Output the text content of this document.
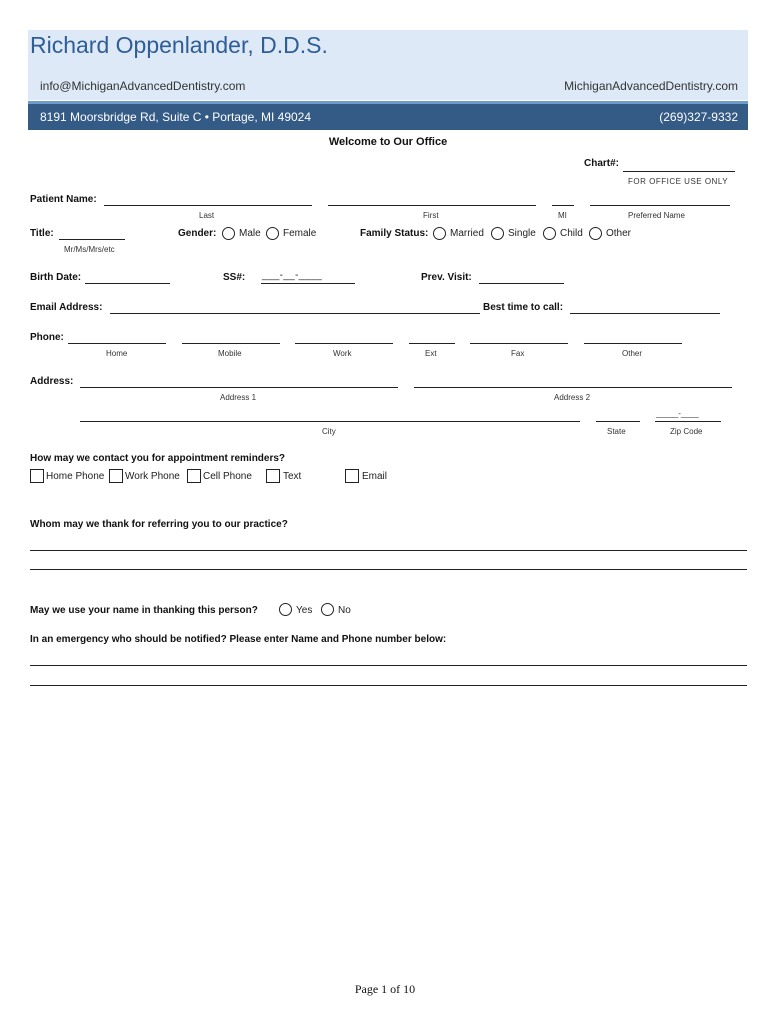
Richard Oppenlander, D.D.S.
info@MichiganAdvancedDentistry.com	MichiganAdvancedDentistry.com
8191 Moorsbridge Rd, Suite C • Portage, MI 49024	(269)327-9332
Welcome to Our Office
Chart#:
FOR OFFICE USE ONLY
Patient Name:
Last	First	MI	Preferred Name
Title:
Mr/Ms/Mrs/etc
Gender: Male Female	Family Status: Married Single Child Other
Birth Date:	SS#: ___-__-____	Prev. Visit:
Email Address:	Best time to call:
Phone:
Home	Mobile	Work	Ext	Fax	Other
Address:
Address 1	Address 2
_____-____
City	State	Zip Code
How may we contact you for appointment reminders?
Home Phone Work Phone Cell Phone	Text	Email
Whom may we thank for referring you to our practice?
May we use your name in thanking this person?	Yes	No
In an emergency who should be notified? Please enter Name and Phone number below:
Page 1 of 10
